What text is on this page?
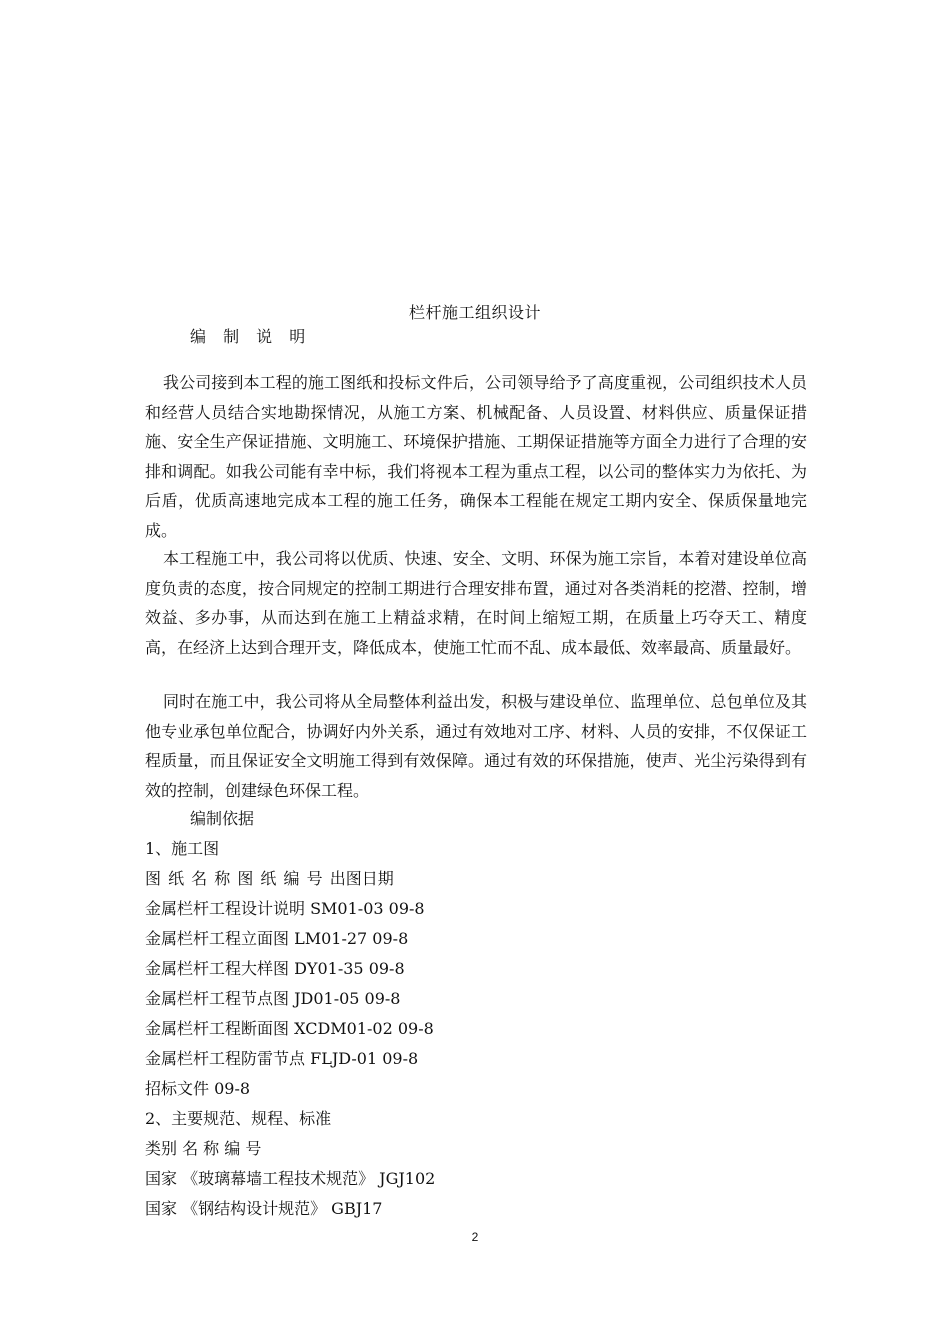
栏杆施工组织设计
编 制 说 明

我公司接到本工程的施工图纸和投标文件后，公司领导给予了高度重视，公司组织技术人员和经营人员结合实地勘探情况，从施工方案、机械配备、人员设置、材料供应、质量保证措施、安全生产保证措施、文明施工、环境保护措施、工期保证措施等方面全力进行了合理的安排和调配。如我公司能有幸中标，我们将视本工程为重点工程，以公司的整体实力为依托、为后盾，优质高速地完成本工程的施工任务，确保本工程能在规定工期内安全、保质保量地完成。

本工程施工中，我公司将以优质、快速、安全、文明、环保为施工宗旨，本着对建设单位高度负责的态度，按合同规定的控制工期进行合理安排布置，通过对各类消耗的挖潜、控制，增效益、多办事，从而达到在施工上精益求精，在时间上缩短工期，在质量上巧夺天工、精度高，在经济上达到合理开支，降低成本，使施工忙而不乱、成本最低、效率最高、质量最好。

同时在施工中，我公司将从全局整体利益出发，积极与建设单位、监理单位、总包单位及其他专业承包单位配合，协调好内外关系，通过有效地对工序、材料、人员的安排，不仅保证工程质量，而且保证安全文明施工得到有效保障。通过有效的环保措施，使声、光尘污染得到有效的控制，创建绿色环保工程。

编制依据
1、施工图
图 纸 名 称 图 纸 编 号 出图日期
金属栏杆工程设计说明 SM01-03 09-8
金属栏杆工程立面图 LM01-27 09-8
金属栏杆工程大样图 DY01-35 09-8
金属栏杆工程节点图 JD01-05 09-8
金属栏杆工程断面图 XCDM01-02 09-8
金属栏杆工程防雷节点 FLJD-01 09-8
招标文件 09-8
2、主要规范、规程、标准
类别 名 称 编 号
国家 《玻璃幕墙工程技术规范》 JGJ102
国家 《钢结构设计规范》 GBJ17
2
